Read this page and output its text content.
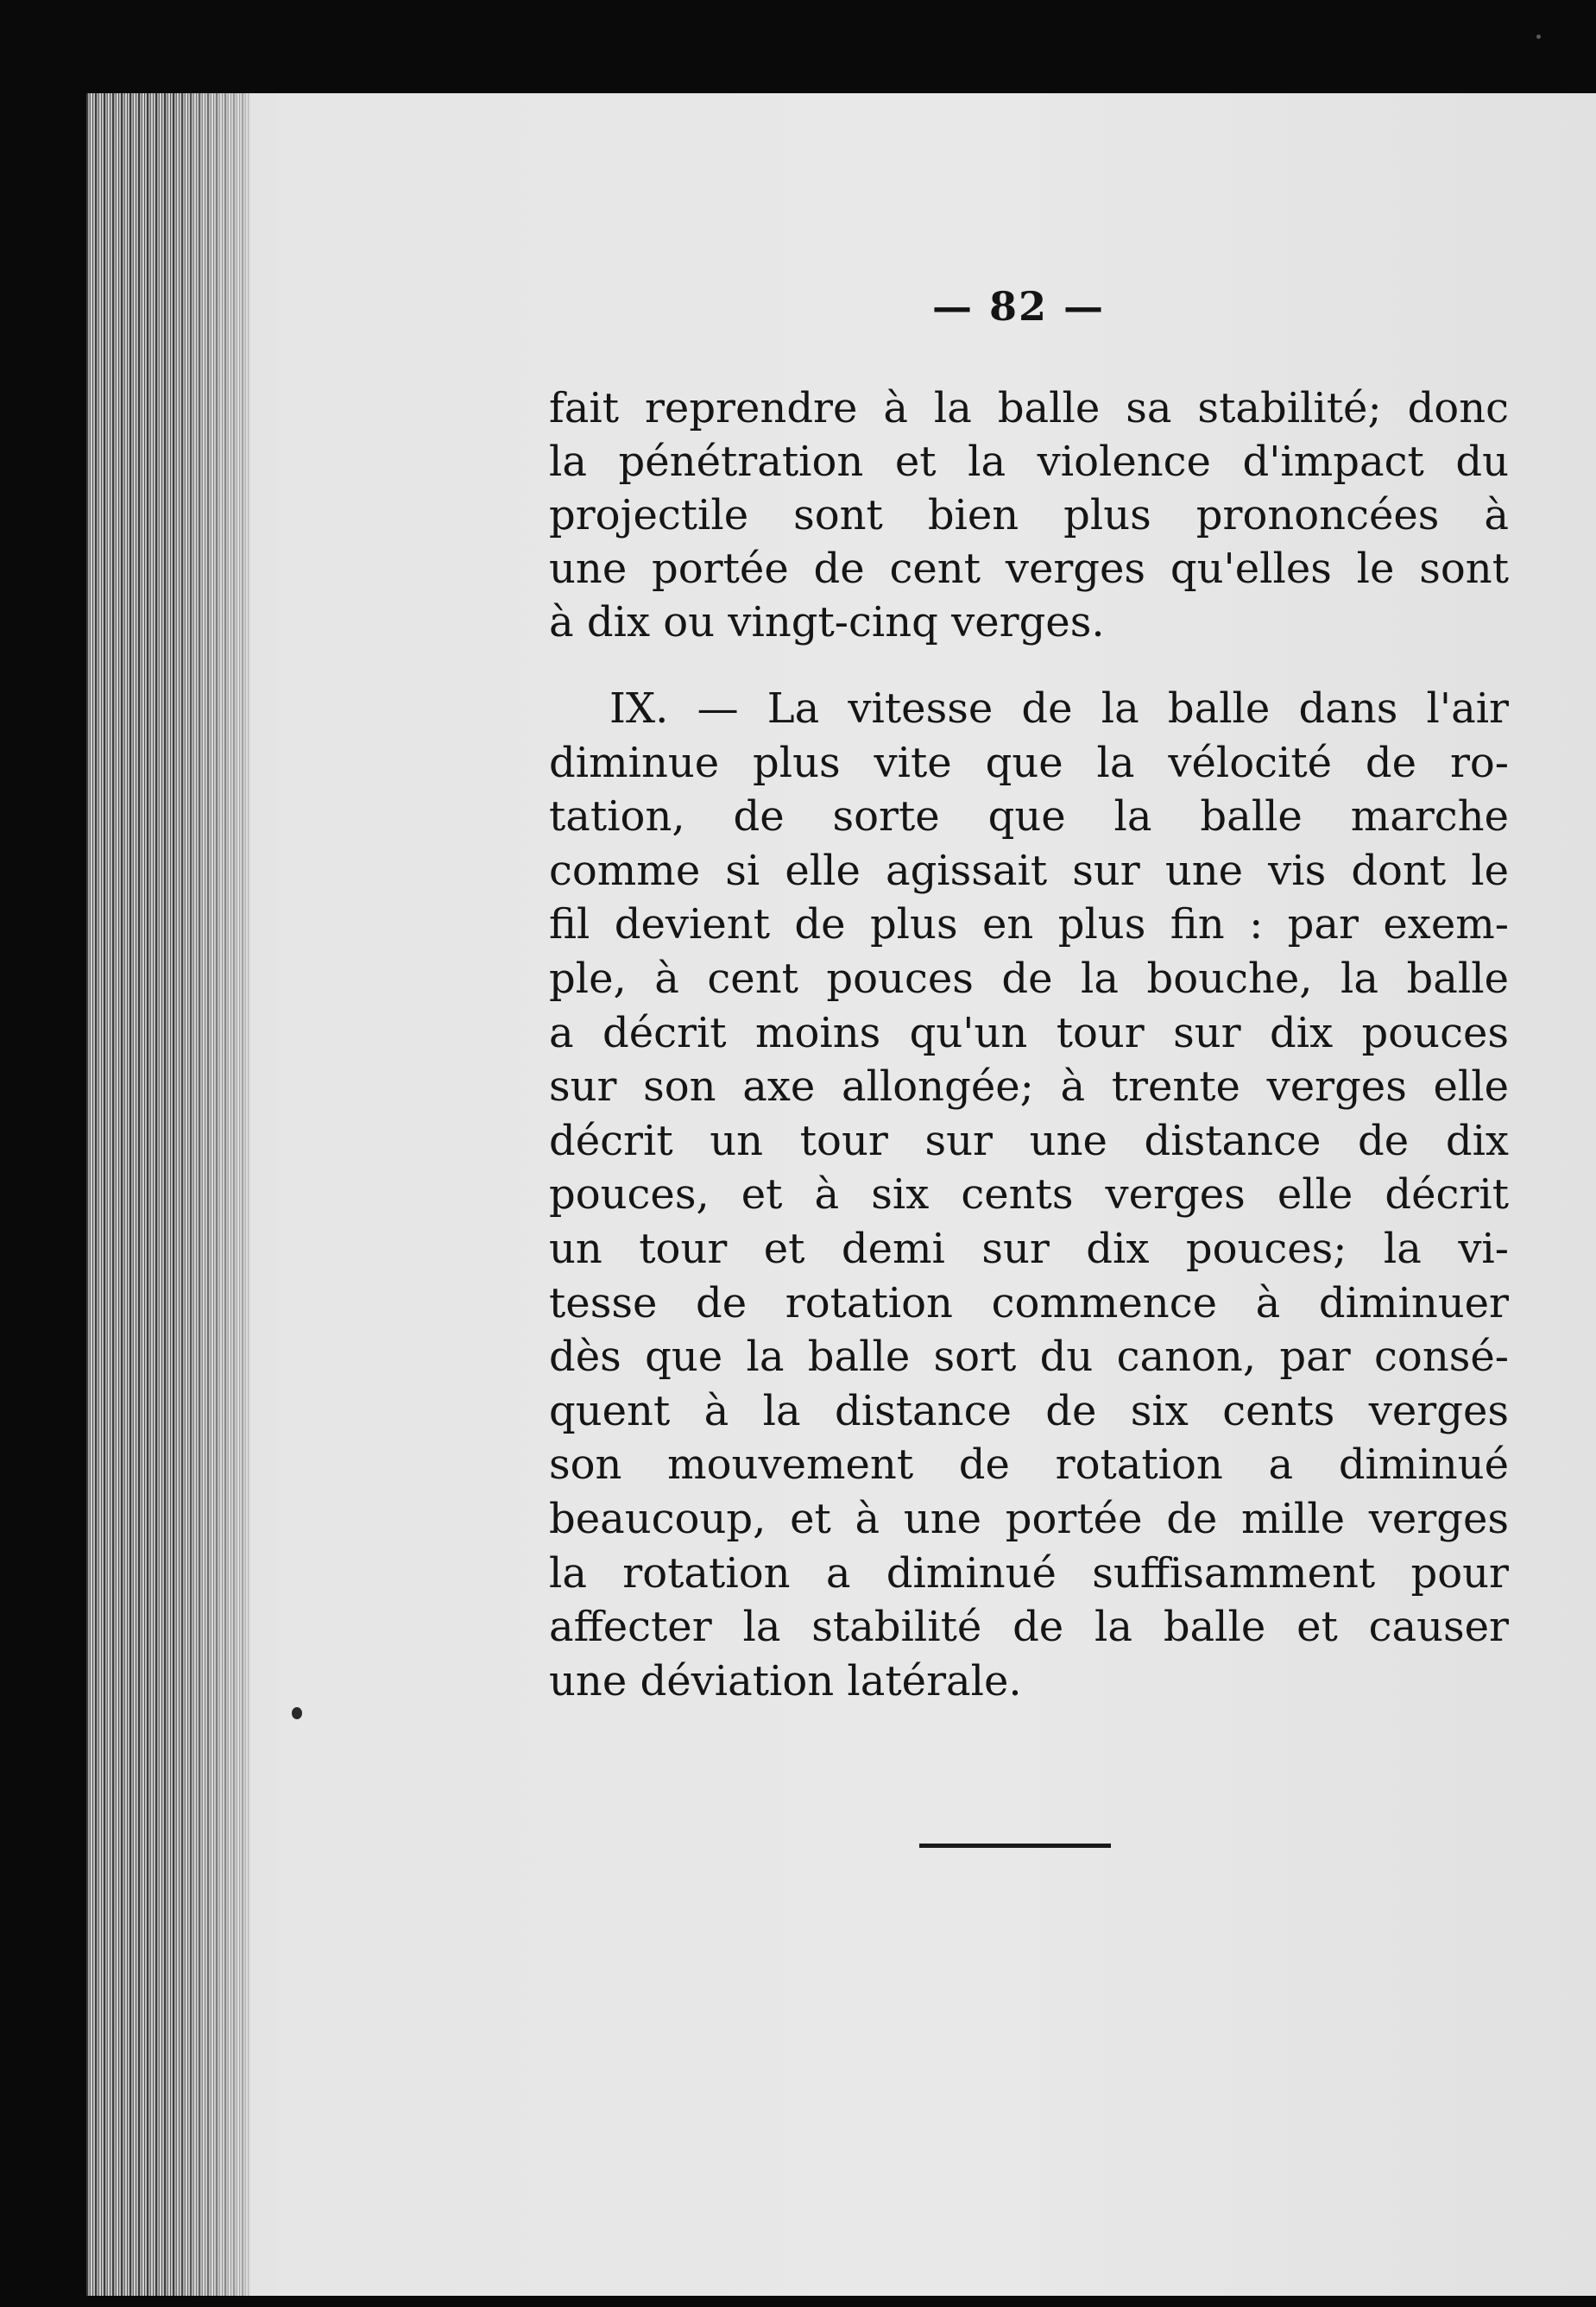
— 82 —
fait reprendre à la balle sa stabilité; donc
la pénétration et la violence d'impact du
projectile sont bien plus prononcées à
une portée de cent verges qu'elles le sont
à dix ou vingt-cinq verges.
IX. — La vitesse de la balle dans l'air
diminue plus vite que la vélocité de ro-
tation, de sorte que la balle marche
comme si elle agissait sur une vis dont le
fil devient de plus en plus fin : par exem-
ple, à cent pouces de la bouche, la balle
a décrit moins qu'un tour sur dix pouces
sur son axe allongée; à trente verges elle
décrit un tour sur une distance de dix
pouces, et à six cents verges elle décrit
un tour et demi sur dix pouces; la vi-
tesse de rotation commence à diminuer
dès que la balle sort du canon, par consé-
quent à la distance de six cents verges
son mouvement de rotation a diminué
beaucoup, et à une portée de mille verges
la rotation a diminué suffisamment pour
affecter la stabilité de la balle et causer
une déviation latérale.
